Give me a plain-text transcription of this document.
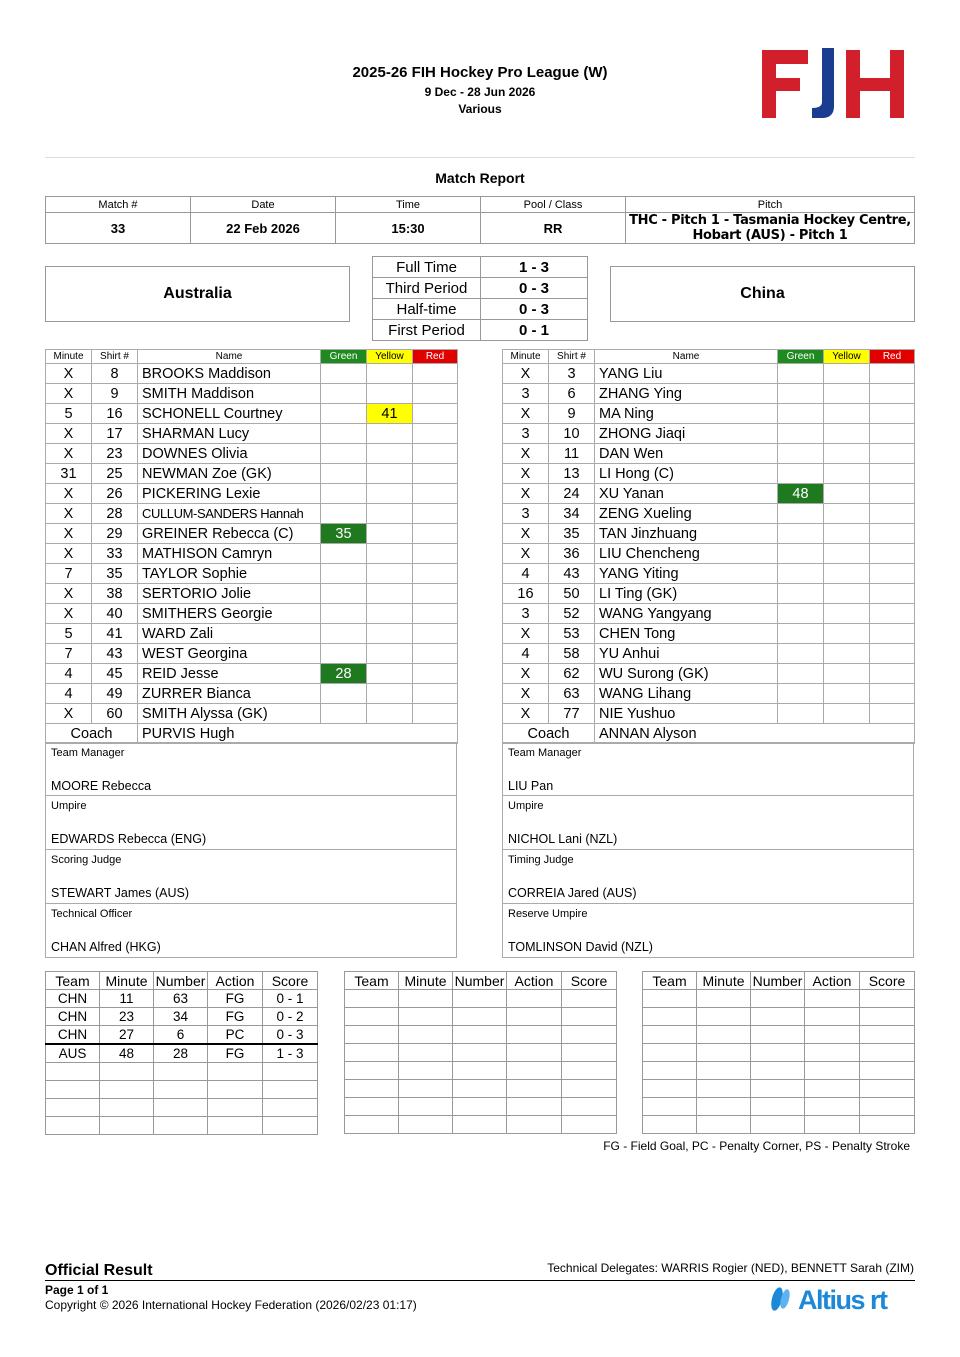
2025-26 FIH Hockey Pro League (W)
9 Dec - 28 Jun 2026
Various
Match Report
Match #	Date	Time	Pool / Class	Pitch
33	22 Feb 2026	15:30	RR	THC - Pitch 1 - Tasmania Hockey Centre, Hobart (AUS) - Pitch 1
Australia	China
Full Time	1 - 3
Third Period	0 - 3
Half-time	0 - 3
First Period	0 - 1
Minute	Shirt #	Name	Green	Yellow	Red
X	8	BROOKS Maddison			
X	9	SMITH Maddison			
5	16	SCHONELL Courtney		41	
X	17	SHARMAN Lucy			
X	23	DOWNES Olivia			
31	25	NEWMAN Zoe (GK)			
X	26	PICKERING Lexie			
X	28	CULLUM-SANDERS Hannah			
X	29	GREINER Rebecca (C)	35		
X	33	MATHISON Camryn			
7	35	TAYLOR Sophie			
X	38	SERTORIO Jolie			
X	40	SMITHERS Georgie			
5	41	WARD Zali			
7	43	WEST Georgina			
4	45	REID Jesse	28		
4	49	ZURRER Bianca			
X	60	SMITH Alyssa (GK)			
Coach		PURVIS Hugh			
Minute	Shirt #	Name	Green	Yellow	Red
X	3	YANG Liu			
3	6	ZHANG Ying			
X	9	MA Ning			
3	10	ZHONG Jiaqi			
X	11	DAN Wen			
X	13	LI Hong (C)			
X	24	XU Yanan	48		
3	34	ZENG Xueling			
X	35	TAN Jinzhuang			
X	36	LIU Chencheng			
4	43	YANG Yiting			
16	50	LI Ting (GK)			
3	52	WANG Yangyang			
X	53	CHEN Tong			
4	58	YU Anhui			
X	62	WU Surong (GK)			
X	63	WANG Lihang			
X	77	NIE Yushuo			
Coach		ANNAN Alyson			
Team Manager
MOORE Rebecca
Umpire
EDWARDS Rebecca (ENG)
Scoring Judge
STEWART James (AUS)
Technical Officer
CHAN Alfred (HKG)
Team Manager
LIU Pan
Umpire
NICHOL Lani (NZL)
Timing Judge
CORREIA Jared (AUS)
Reserve Umpire
TOMLINSON David (NZL)
Team	Minute	Number	Action	Score
CHN	11	63	FG	0 - 1
CHN	23	34	FG	0 - 2
CHN	27	6	PC	0 - 3
AUS	48	28	FG	1 - 3

Team	Minute	Number	Action	Score

					Team	Minute	Number	Action	Score

FG - Field Goal, PC - Penalty Corner, PS - Penalty Stroke
Official Result	Technical Delegates: WARRIS Rogier (NED), BENNETT Sarah (ZIM)
Page 1 of 1
Copyright © 2026 International Hockey Federation (2026/02/23 01:17)	Altius rt
